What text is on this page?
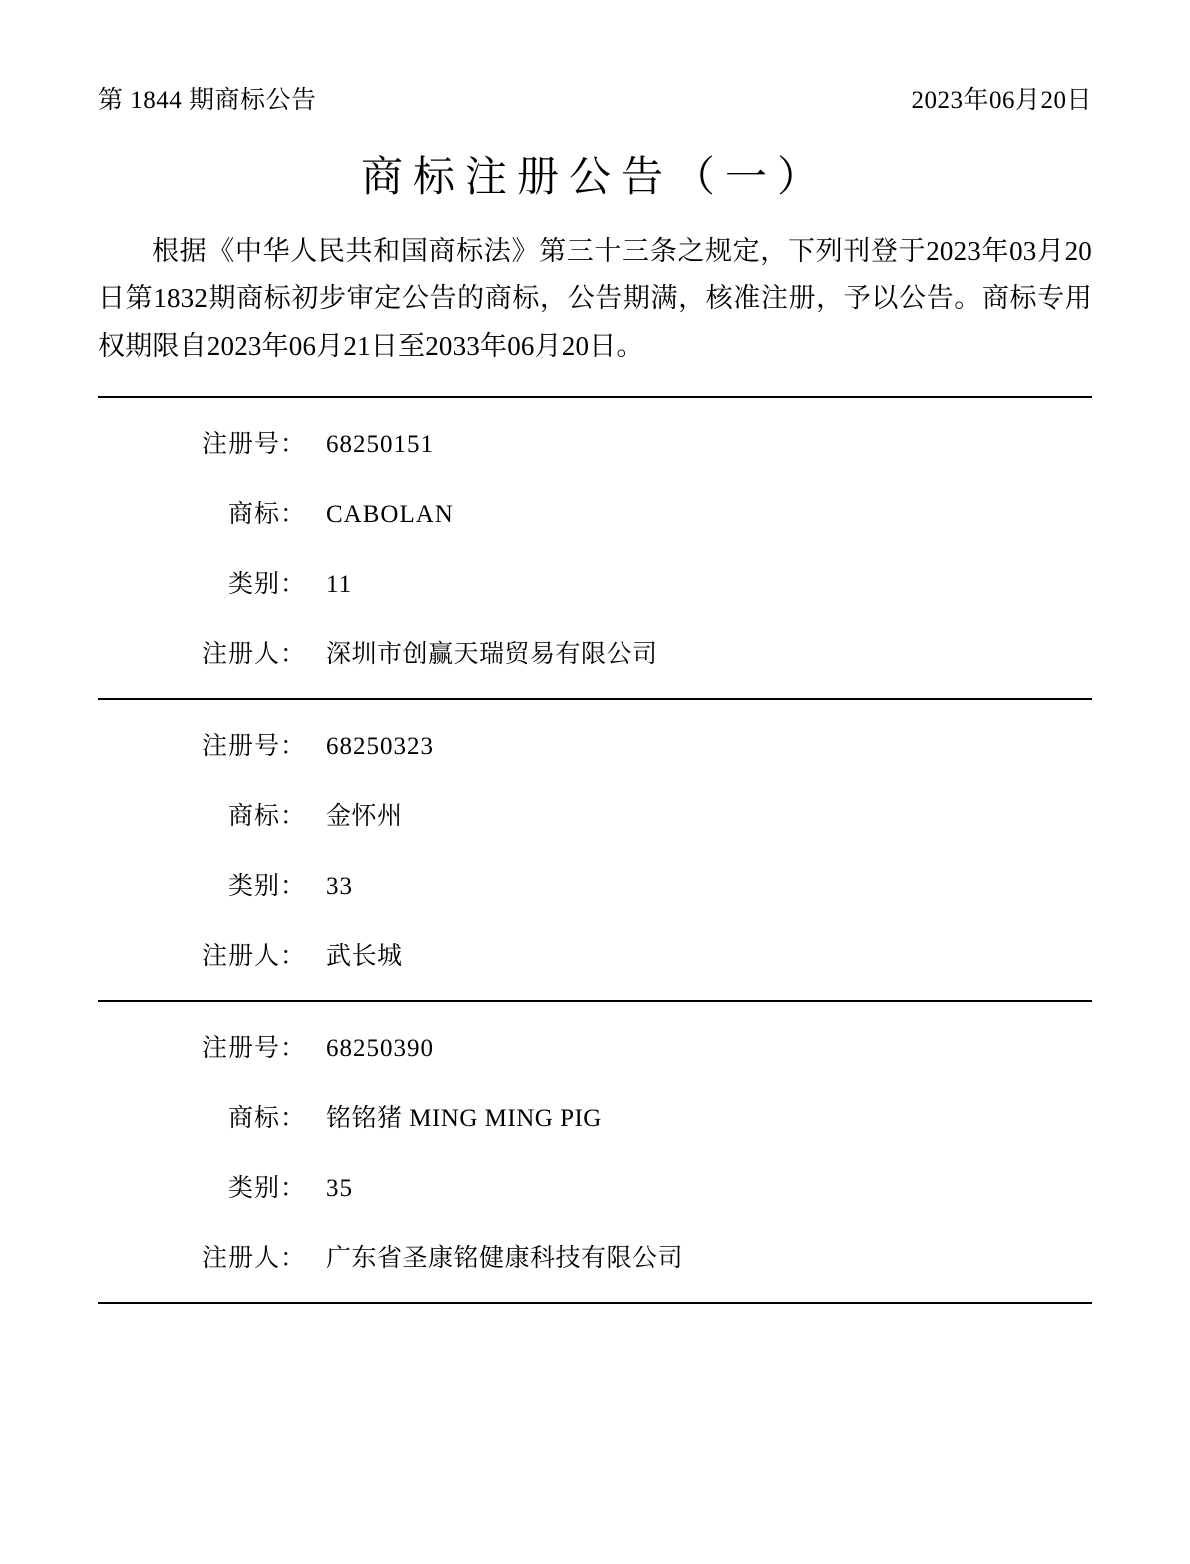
第 1844 期商标公告	2023年06月20日
商标注册公告（一）

根据《中华人民共和国商标法》第三十三条之规定，下列刊登于2023年03月20日第1832期商标初步审定公告的商标，公告期满，核准注册，予以公告。商标专用权期限自2023年06月21日至2033年06月20日。

注册号： 68250151
商标： CABOLAN
类别： 11
注册人： 深圳市创赢天瑞贸易有限公司
注册号： 68250323
商标： 金怀州
类别： 33
注册人： 武长城
注册号： 68250390
商标： 铭铭猪 MING MING PIG
类别： 35
注册人： 广东省圣康铭健康科技有限公司
